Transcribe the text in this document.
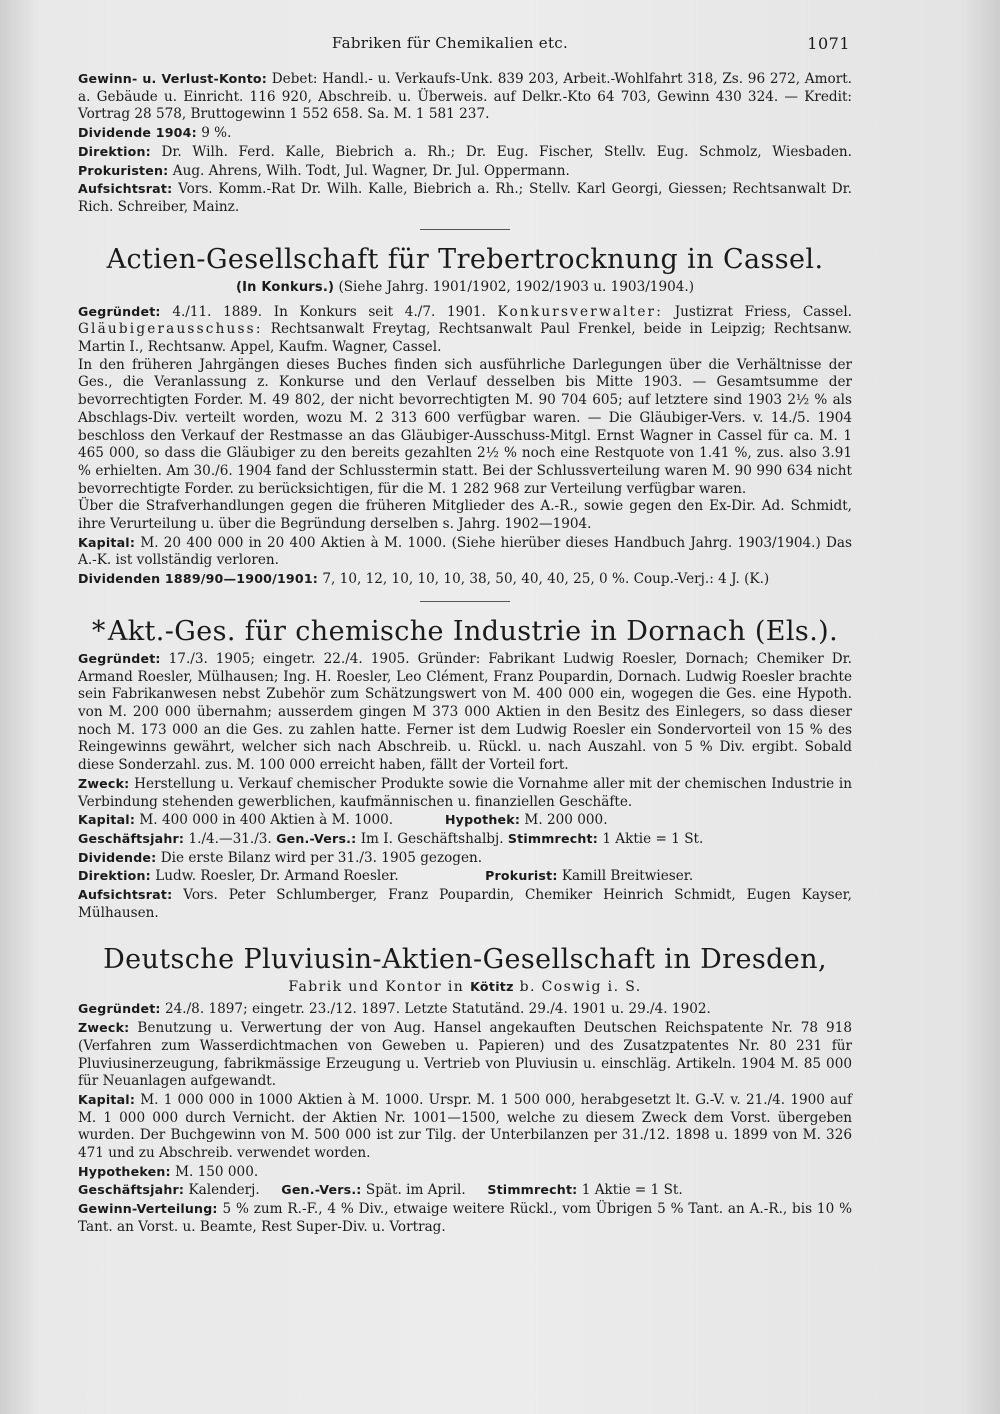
Fabriken für Chemikalien etc.	1071

Gewinn- u. Verlust-Konto: Debet: Handl.- u. Verkaufs-Unk. 839 203, Arbeit.-Wohlfahrt 318, Zs. 96 272, Amort. a. Gebäude u. Einricht. 116 920, Abschreib. u. Überweis. auf Delkr.-Kto 64 703, Gewinn 430 324. — Kredit: Vortrag 28 578, Bruttogewinn 1 552 658. Sa. M. 1 581 237.

Dividende 1904: 9 %.

Direktion: Dr. Wilh. Ferd. Kalle, Biebrich a. Rh.; Dr. Eug. Fischer, Stellv. Eug. Schmolz, Wiesbaden. Prokuristen: Aug. Ahrens, Wilh. Todt, Jul. Wagner, Dr. Jul. Oppermann.

Aufsichtsrat: Vors. Komm.-Rat Dr. Wilh. Kalle, Biebrich a. Rh.; Stellv. Karl Georgi, Giessen; Rechtsanwalt Dr. Rich. Schreiber, Mainz.

Actien-Gesellschaft für Trebertrocknung in Cassel.
(In Konkurs.) (Siehe Jahrg. 1901/1902, 1902/1903 u. 1903/1904.)

Gegründet: 4./11. 1889. In Konkurs seit 4./7. 1901. Konkursverwalter: Justizrat Friess, Cassel. Gläubigerausschuss: Rechtsanwalt Freytag, Rechtsanwalt Paul Frenkel, beide in Leipzig; Rechtsanw. Martin I., Rechtsanw. Appel, Kaufm. Wagner, Cassel.

In den früheren Jahrgängen dieses Buches finden sich ausführliche Darlegungen über die Verhältnisse der Ges., die Veranlassung z. Konkurse und den Verlauf desselben bis Mitte 1903. — Gesamtsumme der bevorrechtigten Forder. M. 49 802, der nicht bevorrechtigten M. 90 704 605; auf letztere sind 1903 2½ % als Abschlags-Div. verteilt worden, wozu M. 2 313 600 verfügbar waren. — Die Gläubiger-Vers. v. 14./5. 1904 beschloss den Verkauf der Restmasse an das Gläubiger-Ausschuss-Mitgl. Ernst Wagner in Cassel für ca. M. 1 465 000, so dass die Gläubiger zu den bereits gezahlten 2½ % noch eine Restquote von 1.41 %, zus. also 3.91 % erhielten. Am 30./6. 1904 fand der Schlusstermin statt. Bei der Schlussverteilung waren M. 90 990 634 nicht bevorrechtigte Forder. zu berücksichtigen, für die M. 1 282 968 zur Verteilung verfügbar waren.

Über die Strafverhandlungen gegen die früheren Mitglieder des A.-R., sowie gegen den Ex-Dir. Ad. Schmidt, ihre Verurteilung u. über die Begründung derselben s. Jahrg. 1902—1904.

Kapital: M. 20 400 000 in 20 400 Aktien à M. 1000. (Siehe hierüber dieses Handbuch Jahrg. 1903/1904.) Das A.-K. ist vollständig verloren.

Dividenden 1889/90—1900/1901: 7, 10, 12, 10, 10, 10, 38, 50, 40, 40, 25, 0 %. Coup.-Verj.: 4 J. (K.)

*Akt.-Ges. für chemische Industrie in Dornach (Els.).

Gegründet: 17./3. 1905; eingetr. 22./4. 1905. Gründer: Fabrikant Ludwig Roesler, Dornach; Chemiker Dr. Armand Roesler, Mülhausen; Ing. H. Roesler, Leo Clément, Franz Poupardin, Dornach. Ludwig Roesler brachte sein Fabrikanwesen nebst Zubehör zum Schätzungswert von M. 400 000 ein, wogegen die Ges. eine Hypoth. von M. 200 000 übernahm; ausserdem gingen M 373 000 Aktien in den Besitz des Einlegers, so dass dieser noch M. 173 000 an die Ges. zu zahlen hatte. Ferner ist dem Ludwig Roesler ein Sondervorteil von 15 % des Reingewinns gewährt, welcher sich nach Abschreib. u. Rückl. u. nach Auszahl. von 5 % Div. ergibt. Sobald diese Sonderzahl. zus. M. 100 000 erreicht haben, fällt der Vorteil fort.

Zweck: Herstellung u. Verkauf chemischer Produkte sowie die Vornahme aller mit der chemischen Industrie in Verbindung stehenden gewerblichen, kaufmännischen u. finanziellen Geschäfte.

Kapital: M. 400 000 in 400 Aktien à M. 1000.	Hypothek: M. 200 000.

Geschäftsjahr: 1./4.—31./3. Gen.-Vers.: Im I. Geschäftshalbj. Stimmrecht: 1 Aktie = 1 St.

Dividende: Die erste Bilanz wird per 31./3. 1905 gezogen.

Direktion: Ludw. Roesler, Dr. Armand Roesler.	Prokurist: Kamill Breitwieser.

Aufsichtsrat: Vors. Peter Schlumberger, Franz Poupardin, Chemiker Heinrich Schmidt, Eugen Kayser, Mülhausen.

Deutsche Pluviusin-Aktien-Gesellschaft in Dresden,
Fabrik und Kontor in Kötitz b. Coswig i. S.

Gegründet: 24./8. 1897; eingetr. 23./12. 1897. Letzte Statutänd. 29./4. 1901 u. 29./4. 1902.

Zweck: Benutzung u. Verwertung der von Aug. Hansel angekauften Deutschen Reichspatente Nr. 78 918 (Verfahren zum Wasserdichtmachen von Geweben u. Papieren) und des Zusatzpatentes Nr. 80 231 für Pluviusinerzeugung, fabrikmässige Erzeugung u. Vertrieb von Pluviusin u. einschläg. Artikeln. 1904 M. 85 000 für Neuanlagen aufgewandt.

Kapital: M. 1 000 000 in 1000 Aktien à M. 1000. Urspr. M. 1 500 000, herabgesetzt lt. G.-V. v. 21./4. 1900 auf M. 1 000 000 durch Vernicht. der Aktien Nr. 1001—1500, welche zu diesem Zweck dem Vorst. übergeben wurden. Der Buchgewinn von M. 500 000 ist zur Tilg. der Unterbilanzen per 31./12. 1898 u. 1899 von M. 326 471 und zu Abschreib. verwendet worden.

Hypotheken: M. 150 000.

Geschäftsjahr: Kalenderj. Gen.-Vers.: Spät. im April. Stimmrecht: 1 Aktie = 1 St.

Gewinn-Verteilung: 5 % zum R.-F., 4 % Div., etwaige weitere Rückl., vom Übrigen 5 % Tant. an A.-R., bis 10 % Tant. an Vorst. u. Beamte, Rest Super-Div. u. Vortrag.
